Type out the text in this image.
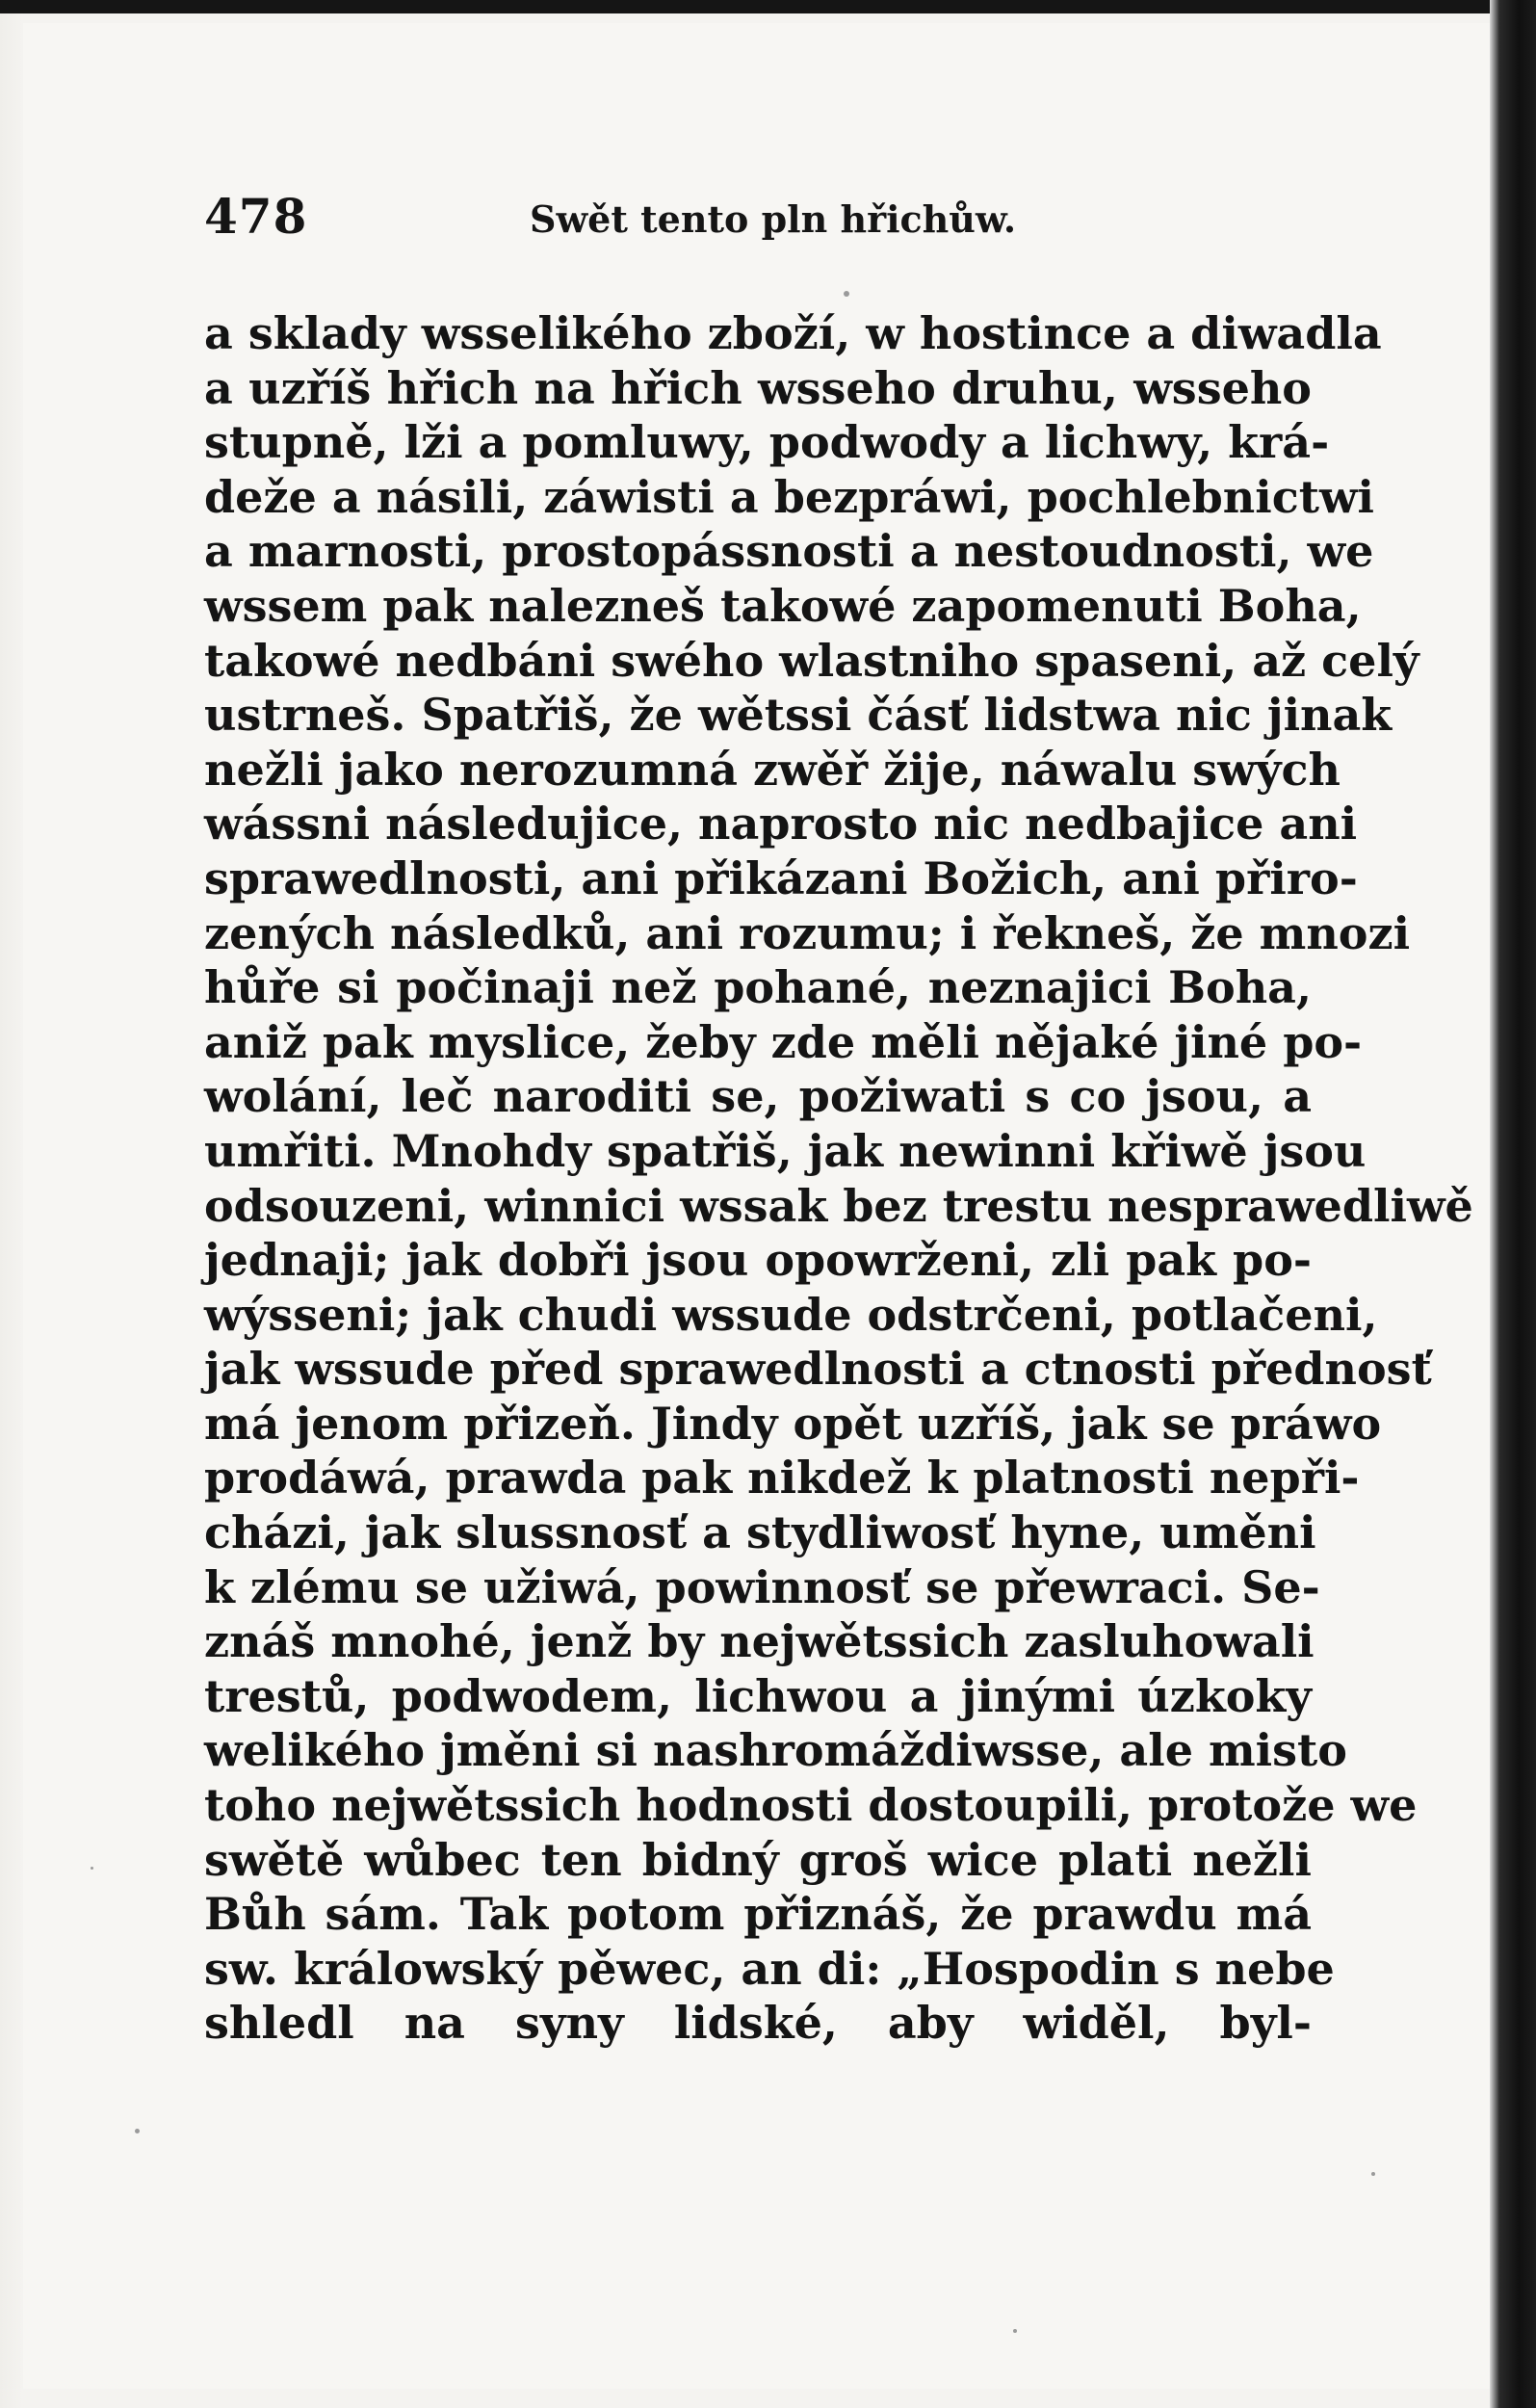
478	Swět tento pln hřichůw.
a sklady wsselikého zboží, w hostince a diwadla
a uzříš hřich na hřich wsseho druhu, wsseho
stupně, lži a pomluwy, podwody a lichwy, krá-
deže a násili, záwisti a bezpráwi, pochlebnictwi
a marnosti, prostopássnosti a nestoudnosti, we
wssem pak nalezneš takowé zapomenuti Boha,
takowé nedbáni swého wlastniho spaseni, až celý
ustrneš. Spatřiš, že wětssi čásť lidstwa nic jinak
nežli jako nerozumná zwěř žije, náwalu swých
wássni následujice, naprosto nic nedbajice ani
sprawedlnosti, ani přikázani Božich, ani přiro-
zených následků, ani rozumu; i řekneš, že mnozi
hůře si počinaji než pohané, neznajici Boha,
aniž pak myslice, žeby zde měli nějaké jiné po-
wolání, leč naroditi se, požiwati s co jsou, a
umřiti. Mnohdy spatřiš, jak newinni křiwě jsou
odsouzeni, winnici wssak bez trestu nesprawedliwě
jednaji; jak dobři jsou opowrženi, zli pak po-
wýsseni; jak chudi wssude odstrčeni, potlačeni,
jak wssude před sprawedlnosti a ctnosti přednosť
má jenom přizeň. Jindy opět uzříš, jak se práwo
prodáwá, prawda pak nikdež k platnosti nepři-
cházi, jak slussnosť a stydliwosť hyne, uměni
k zlému se užiwá, powinnosť se přewraci. Se-
znáš mnohé, jenž by nejwětssich zasluhowali
trestů, podwodem, lichwou a jinými úzkoky
welikého jměni si nashromáždiwsse, ale misto
toho nejwětssich hodnosti dostoupili, protože we
swětě wůbec ten bidný groš wice plati nežli
Bůh sám. Tak potom přiznáš, že prawdu má
sw. králowský pěwec, an di: „Hospodin s nebe
shledl na syny lidské, aby widěl, byl-
